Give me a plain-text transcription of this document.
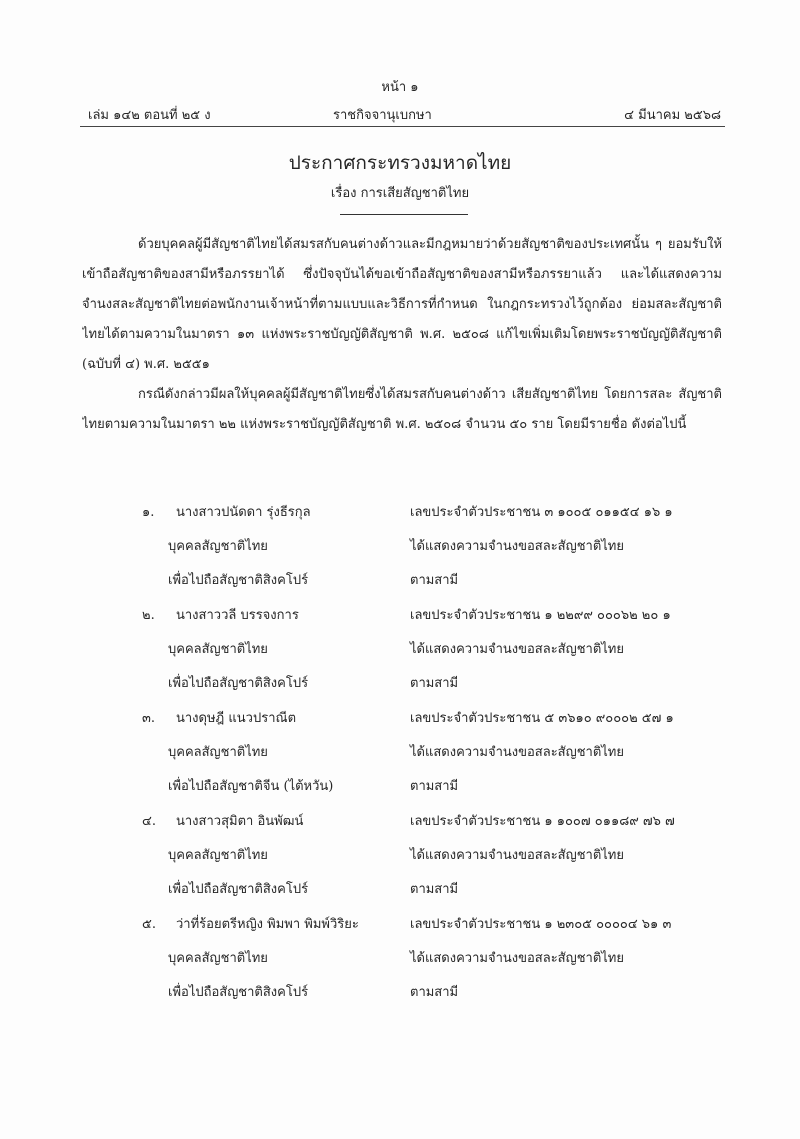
หน้า ๑
เล่ม ๑๔๒ ตอนที่ ๒๕ ง	ราชกิจจานุเบกษา	๔ มีนาคม ๒๕๖๘
ประกาศกระทรวงมหาดไทย
เรื่อง การเสียสัญชาติไทย

ด้วยบุคคลผู้มีสัญชาติไทยได้สมรสกับคนต่างด้าวและมีกฎหมายว่าด้วยสัญชาติของประเทศนั้น ๆ ยอมรับให้เข้าถือสัญชาติของสามีหรือภรรยาได้ ซึ่งปัจจุบันได้ขอเข้าถือสัญชาติของสามีหรือภรรยาแล้ว และได้แสดงความจำนงสละสัญชาติไทยต่อพนักงานเจ้าหน้าที่ตามแบบและวิธีการที่กำหนด ในกฎกระทรวงไว้ถูกต้อง ย่อมสละสัญชาติไทยได้ตามความในมาตรา ๑๓ แห่งพระราชบัญญัติสัญชาติ พ.ศ. ๒๕๐๘ แก้ไขเพิ่มเติมโดยพระราชบัญญัติสัญชาติ (ฉบับที่ ๔) พ.ศ. ๒๕๕๑

กรณีดังกล่าวมีผลให้บุคคลผู้มีสัญชาติไทยซึ่งได้สมรสกับคนต่างด้าว เสียสัญชาติไทย โดยการสละ สัญชาติไทยตามความในมาตรา ๒๒ แห่งพระราชบัญญัติสัญชาติ พ.ศ. ๒๕๐๘ จำนวน ๕๐ ราย โดยมีรายชื่อ ดังต่อไปนี้

๑. นางสาวปนัดดา รุ่งธีรกุล	เลขประจำตัวประชาชน ๓ ๑๐๐๕ ๐๑๑๕๔ ๑๖ ๑
บุคคลสัญชาติไทย	ได้แสดงความจำนงขอสละสัญชาติไทย
เพื่อไปถือสัญชาติสิงคโปร์	ตามสามี
๒. นางสาววลี บรรจงการ	เลขประจำตัวประชาชน ๑ ๒๒๙๙ ๐๐๐๖๒ ๒๐ ๑
บุคคลสัญชาติไทย	ได้แสดงความจำนงขอสละสัญชาติไทย
เพื่อไปถือสัญชาติสิงคโปร์	ตามสามี
๓. นางดุษฎี แนวปราณีต	เลขประจำตัวประชาชน ๕ ๓๖๑๐ ๙๐๐๐๒ ๕๗ ๑
บุคคลสัญชาติไทย	ได้แสดงความจำนงขอสละสัญชาติไทย
เพื่อไปถือสัญชาติจีน (ไต้หวัน)	ตามสามี
๔. นางสาวสุมิตา อินพัฒน์	เลขประจำตัวประชาชน ๑ ๑๐๐๗ ๐๑๑๘๙ ๗๖ ๗
บุคคลสัญชาติไทย	ได้แสดงความจำนงขอสละสัญชาติไทย
เพื่อไปถือสัญชาติสิงคโปร์	ตามสามี
๕. ว่าที่ร้อยตรีหญิง พิมพา พิมพ์วิริยะ	เลขประจำตัวประชาชน ๑ ๒๓๐๕ ๐๐๐๐๔ ๖๑ ๓
บุคคลสัญชาติไทย	ได้แสดงความจำนงขอสละสัญชาติไทย
เพื่อไปถือสัญชาติสิงคโปร์	ตามสามี
